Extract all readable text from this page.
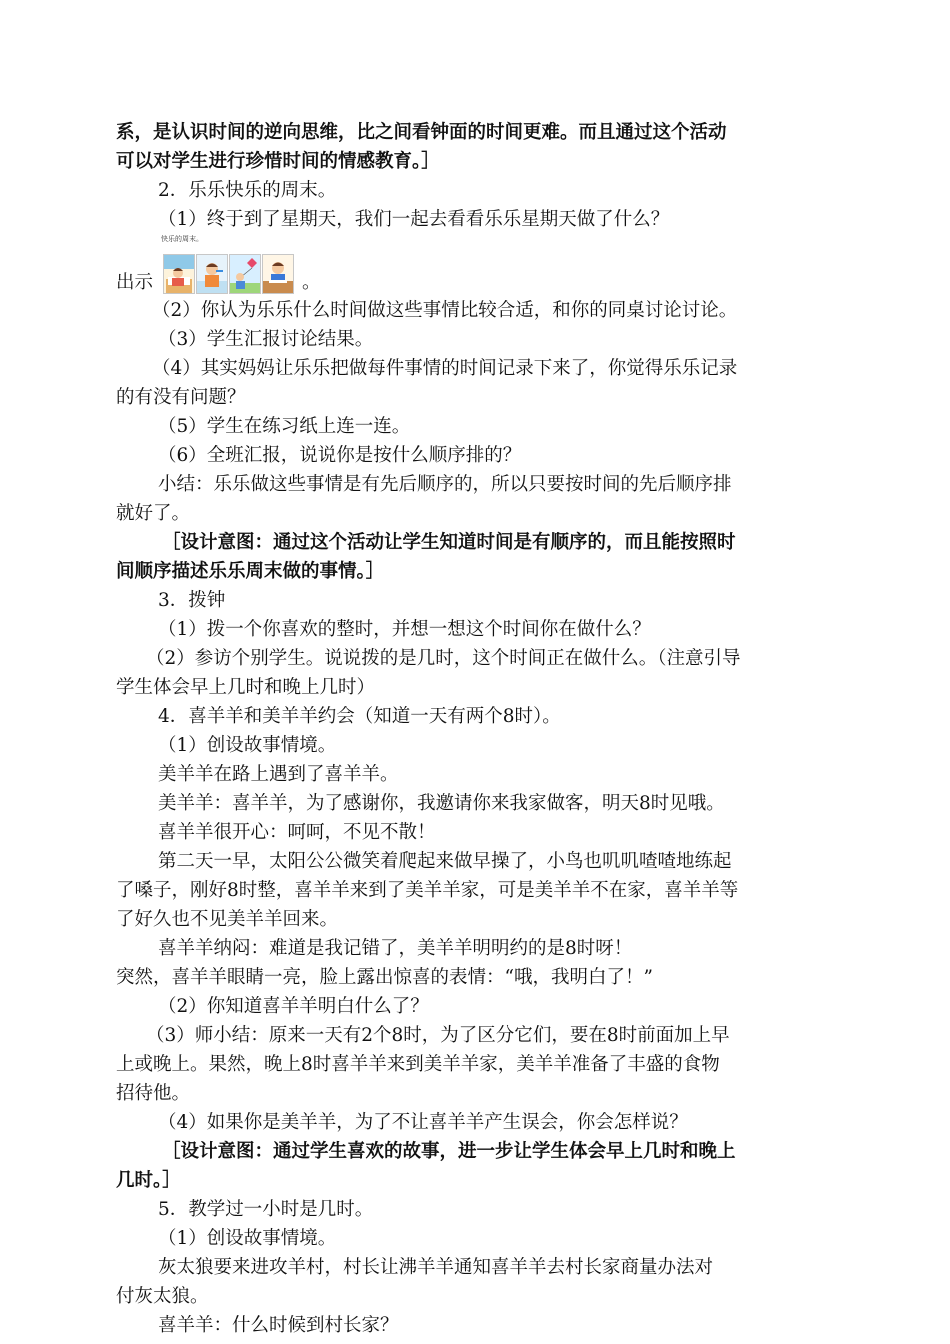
系，是认识时间的逆向思维，比之间看钟面的时间更难。而且通过这个活动
可以对学生进行珍惜时间的情感教育。］
2．乐乐快乐的周末。
（1）终于到了星期天，我们一起去看看乐乐星期天做了什么？
快乐的周末。
出示	。
（2）你认为乐乐什么时间做这些事情比较合适，和你的同桌讨论讨论。
（3）学生汇报讨论结果。
（4）其实妈妈让乐乐把做每件事情的时间记录下来了，你觉得乐乐记录
的有没有问题？
（5）学生在练习纸上连一连。
（6）全班汇报，说说你是按什么顺序排的？
小结：乐乐做这些事情是有先后顺序的，所以只要按时间的先后顺序排
就好了。
［设计意图：通过这个活动让学生知道时间是有顺序的，而且能按照时
间顺序描述乐乐周末做的事情。］
3．拨钟
（1）拨一个你喜欢的整时，并想一想这个时间你在做什么？
（2）参访个别学生。说说拨的是几时，这个时间正在做什么。（注意引导
学生体会早上几时和晚上几时）
4．喜羊羊和美羊羊约会（知道一天有两个8时）。
（1）创设故事情境。
美羊羊在路上遇到了喜羊羊。
美羊羊：喜羊羊，为了感谢你，我邀请你来我家做客，明天8时见哦。
喜羊羊很开心：呵呵，不见不散！
第二天一早，太阳公公微笑着爬起来做早操了，小鸟也叽叽喳喳地练起
了嗓子，刚好8时整，喜羊羊来到了美羊羊家，可是美羊羊不在家，喜羊羊等
了好久也不见美羊羊回来。
喜羊羊纳闷：难道是我记错了，美羊羊明明约的是8时呀！
突然，喜羊羊眼睛一亮，脸上露出惊喜的表情：“哦，我明白了！”
（2）你知道喜羊羊明白什么了？
（3）师小结：原来一天有2个8时，为了区分它们，要在8时前面加上早
上或晚上。果然，晚上8时喜羊羊来到美羊羊家，美羊羊准备了丰盛的食物
招待他。
（4）如果你是美羊羊，为了不让喜羊羊产生误会，你会怎样说？
［设计意图：通过学生喜欢的故事，进一步让学生体会早上几时和晚上
几时。］
5．教学过一小时是几时。
（1）创设故事情境。
灰太狼要来进攻羊村，村长让沸羊羊通知喜羊羊去村长家商量办法对
付灰太狼。
喜羊羊：什么时候到村长家？
